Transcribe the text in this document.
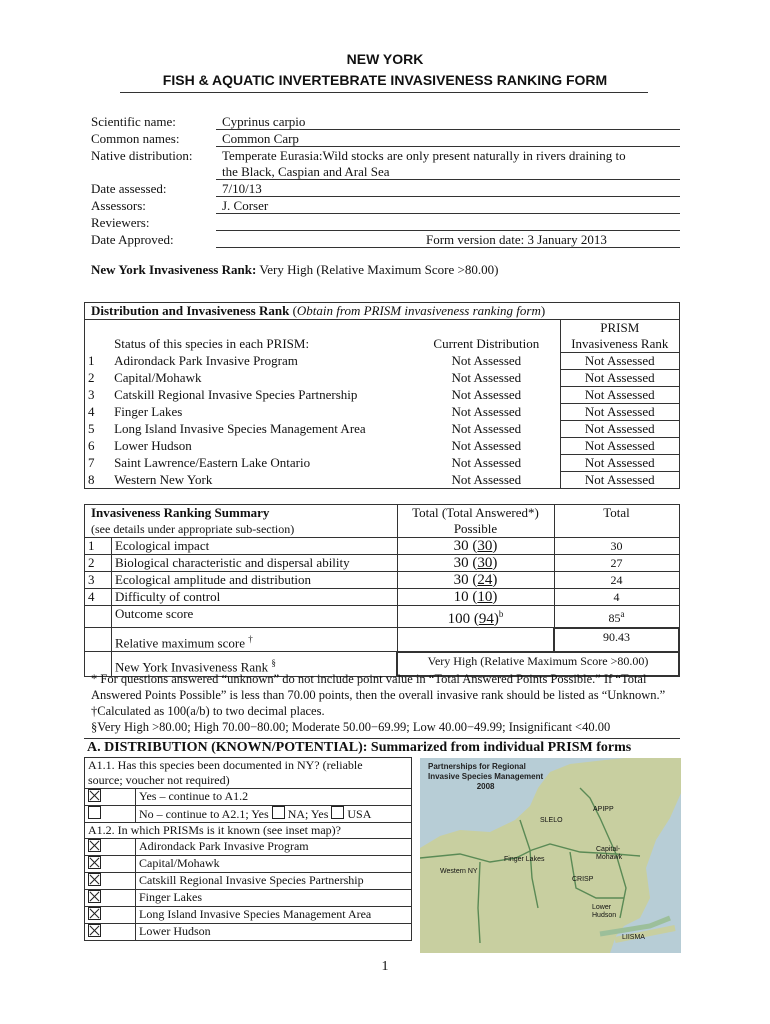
NEW YORK
FISH & AQUATIC INVERTEBRATE INVASIVENESS RANKING FORM
Scientific name:	Cyprinus carpio
Common names:	Common Carp
Native distribution: Temperate Eurasia:Wild stocks are only present naturally in rivers draining to
the Black, Caspian and Aral Sea
Date assessed:	7/10/13
Assessors:	J. Corser
Reviewers:
Date Approved:	Form version date: 3 January 2013
New York Invasiveness Rank: Very High (Relative Maximum Score >80.00)
Distribution and Invasiveness Rank (Obtain from PRISM invasiveness ranking form)			
			PRISM
	Status of this species in each PRISM:	Current Distribution	Invasiveness Rank
1	Adirondack Park Invasive Program	Not Assessed	Not Assessed
2	Capital/Mohawk	Not Assessed	Not Assessed
3	Catskill Regional Invasive Species Partnership	Not Assessed	Not Assessed
4	Finger Lakes	Not Assessed	Not Assessed
5	Long Island Invasive Species Management Area	Not Assessed	Not Assessed
6	Lower Hudson	Not Assessed	Not Assessed
7	Saint Lawrence/Eastern Lake Ontario	Not Assessed	Not Assessed
8	Western New York	Not Assessed	Not Assessed
Invasiveness Ranking Summary
(see details under appropriate sub-section)		Total (Total Answered*)
Possible	Total
1	Ecological impact	30 (30)	30
2	Biological characteristic and dispersal ability	30 (30)	27
3	Ecological amplitude and distribution	30 (24)	24
4	Difficulty of control	10 (10)	4
	Outcome score	100 $(94)^b$	85$^a$
	Relative maximum score †		90.43
	New York Invasiveness Rank §	Very High (Relative Maximum Score >80.00)	
* For questions answered “unknown” do not include point value in “Total Answered Points Possible.” If “Total
Answered Points Possible” is less than 70.00 points, then the overall invasive rank should be listed as “Unknown.”
†Calculated as 100(a/b) to two decimal places.
§Very High >80.00; High 70.00−80.00; Moderate 50.00−69.99; Low 40.00−49.99; Insignificant <40.00
A. DISTRIBUTION (KNOWN/POTENTIAL): Summarized from individual PRISM forms
A1.1. Has this species been documented in NY? (reliable	
source; voucher not required)	
	Yes – continue to A1.2
	No – continue to A2.1; Yes NA; Yes USA
A1.2. In which PRISMs is it known (see inset map)?	
	Adirondack Park Invasive Program
	Capital/Mohawk
	Catskill Regional Invasive Species Partnership
	Finger Lakes
	Long Island Invasive Species Management Area
	Lower Hudson
Partnerships for Regional
Invasive Species Management
2008
APIPP
SLELO
Capital-Mohawk
Finger Lakes
Western NY
CRISP
Lower Hudson
LIISMA
1
